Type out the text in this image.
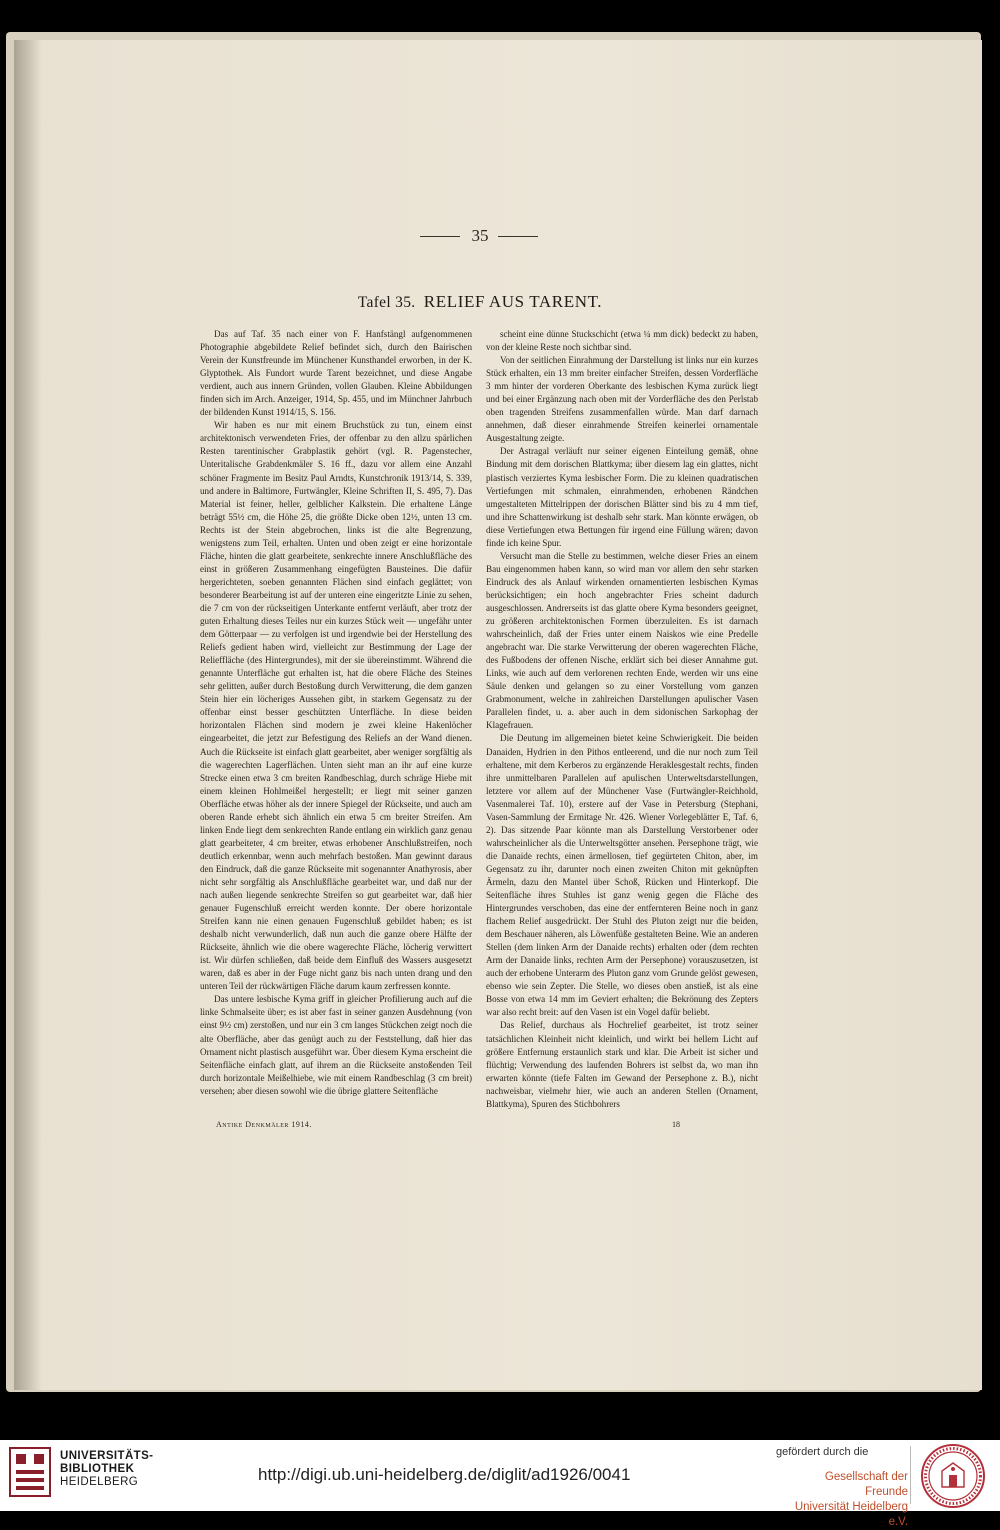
35
Tafel 35. RELIEF AUS TARENT.

Das auf Taf. 35 nach einer von F. Hanfstängl aufgenommenen Photographie abgebildete Relief befindet sich, durch den Bairischen Verein der Kunstfreunde im Münchener Kunsthandel erworben, in der K. Glyptothek. Als Fundort wurde Tarent bezeichnet, und diese Angabe verdient, auch aus innern Gründen, vollen Glauben. Kleine Abbildungen finden sich im Arch. Anzeiger, 1914, Sp. 455, und im Münchner Jahrbuch der bildenden Kunst 1914/15, S. 156.

Wir haben es nur mit einem Bruchstück zu tun, einem einst architektonisch verwendeten Fries, der offenbar zu den allzu spärlichen Resten tarentinischer Grabplastik gehört (vgl. R. Pagenstecher, Unteritalische Grabdenkmäler S. 16 ff., dazu vor allem eine Anzahl schöner Fragmente im Besitz Paul Arndts, Kunstchronik 1913/14, S. 339, und andere in Baltimore, Furtwängler, Kleine Schriften II, S. 495, 7). Das Material ist feiner, heller, gelblicher Kalkstein. Die erhaltene Länge beträgt 55½ cm, die Höhe 25, die größte Dicke oben 12½, unten 13 cm. Rechts ist der Stein abgebrochen, links ist die alte Begrenzung, wenigstens zum Teil, erhalten. Unten und oben zeigt er eine horizontale Fläche, hinten die glatt gearbeitete, senkrechte innere Anschlußfläche des einst in größeren Zusammenhang eingefügten Bausteines. Die dafür hergerichteten, soeben genannten Flächen sind einfach geglättet; von besonderer Bearbeitung ist auf der unteren eine eingeritzte Linie zu sehen, die 7 cm von der rückseitigen Unterkante entfernt verläuft, aber trotz der guten Erhaltung dieses Teiles nur ein kurzes Stück weit — ungefähr unter dem Götterpaar — zu verfolgen ist und irgendwie bei der Herstellung des Reliefs gedient haben wird, vielleicht zur Bestimmung der Lage der Relieffläche (des Hintergrundes), mit der sie übereinstimmt. Während die genannte Unterfläche gut erhalten ist, hat die obere Fläche des Steines sehr gelitten, außer durch Bestoßung durch Verwitterung, die dem ganzen Stein hier ein löcheriges Aussehen gibt, in starkem Gegensatz zu der offenbar einst besser geschützten Unterfläche. In diese beiden horizontalen Flächen sind modern je zwei kleine Hakenlöcher eingearbeitet, die jetzt zur Befestigung des Reliefs an der Wand dienen. Auch die Rückseite ist einfach glatt gearbeitet, aber weniger sorgfältig als die wagerechten Lagerflächen. Unten sieht man an ihr auf eine kurze Strecke einen etwa 3 cm breiten Randbeschlag, durch schräge Hiebe mit einem kleinen Hohlmeißel hergestellt; er liegt mit seiner ganzen Oberfläche etwas höher als der innere Spiegel der Rückseite, und auch am oberen Rande erhebt sich ähnlich ein etwa 5 cm breiter Streifen. Am linken Ende liegt dem senkrechten Rande entlang ein wirklich ganz genau glatt gearbeiteter, 4 cm breiter, etwas erhobener Anschlußstreifen, noch deutlich erkennbar, wenn auch mehrfach bestoßen. Man gewinnt daraus den Eindruck, daß die ganze Rückseite mit sogenannter Anathyrosis, aber nicht sehr sorgfältig als Anschlußfläche gearbeitet war, und daß nur der nach außen liegende senkrechte Streifen so gut gearbeitet war, daß hier genauer Fugenschluß erreicht werden konnte. Der obere horizontale Streifen kann nie einen genauen Fugenschluß gebildet haben; es ist deshalb nicht verwunderlich, daß nun auch die ganze obere Hälfte der Rückseite, ähnlich wie die obere wagerechte Fläche, löcherig verwittert ist. Wir dürfen schließen, daß beide dem Einfluß des Wassers ausgesetzt waren, daß es aber in der Fuge nicht ganz bis nach unten drang und den unteren Teil der rückwärtigen Fläche darum kaum zerfressen konnte.

Das untere lesbische Kyma griff in gleicher Profilierung auch auf die linke Schmalseite über; es ist aber fast in seiner ganzen Ausdehnung (von einst 9½ cm) zerstoßen, und nur ein 3 cm langes Stückchen zeigt noch die alte Oberfläche, aber das genügt auch zu der Feststellung, daß hier das Ornament nicht plastisch ausgeführt war. Über diesem Kyma erscheint die Seitenfläche einfach glatt, auf ihrem an die Rückseite anstoßenden Teil durch horizontale Meißelhiebe, wie mit einem Randbeschlag (3 cm breit) versehen; aber diesen sowohl wie die übrige glattere Seitenfläche

scheint eine dünne Stuckschicht (etwa ¼ mm dick) bedeckt zu haben, von der kleine Reste noch sichtbar sind.

Von der seitlichen Einrahmung der Darstellung ist links nur ein kurzes Stück erhalten, ein 13 mm breiter einfacher Streifen, dessen Vorderfläche 3 mm hinter der vorderen Oberkante des lesbischen Kyma zurück liegt und bei einer Ergänzung nach oben mit der Vorderfläche des den Perlstab oben tragenden Streifens zusammenfallen würde. Man darf darnach annehmen, daß dieser einrahmende Streifen keinerlei ornamentale Ausgestaltung zeigte.

Der Astragal verläuft nur seiner eigenen Einteilung gemäß, ohne Bindung mit dem dorischen Blattkyma; über diesem lag ein glattes, nicht plastisch verziertes Kyma lesbischer Form. Die zu kleinen quadratischen Vertiefungen mit schmalen, einrahmenden, erhobenen Rändchen umgestalteten Mittelrippen der dorischen Blätter sind bis zu 4 mm tief, und ihre Schattenwirkung ist deshalb sehr stark. Man könnte erwägen, ob diese Vertiefungen etwa Bettungen für irgend eine Füllung wären; davon finde ich keine Spur.

Versucht man die Stelle zu bestimmen, welche dieser Fries an einem Bau eingenommen haben kann, so wird man vor allem den sehr starken Eindruck des als Anlauf wirkenden ornamentierten lesbischen Kymas berücksichtigen; ein hoch angebrachter Fries scheint dadurch ausgeschlossen. Andrerseits ist das glatte obere Kyma besonders geeignet, zu größeren architektonischen Formen überzuleiten. Es ist darnach wahrscheinlich, daß der Fries unter einem Naiskos wie eine Predelle angebracht war. Die starke Verwitterung der oberen wagerechten Fläche, des Fußbodens der offenen Nische, erklärt sich bei dieser Annahme gut. Links, wie auch auf dem verlorenen rechten Ende, werden wir uns eine Säule denken und gelangen so zu einer Vorstellung vom ganzen Grabmonument, welche in zahlreichen Darstellungen apulischer Vasen Parallelen findet, u. a. aber auch in dem sidonischen Sarkophag der Klagefrauen.

Die Deutung im allgemeinen bietet keine Schwierigkeit. Die beiden Danaiden, Hydrien in den Pithos entleerend, und die nur noch zum Teil erhaltene, mit dem Kerberos zu ergänzende Heraklesgestalt rechts, finden ihre unmittelbaren Parallelen auf apulischen Unterweltsdarstellungen, letztere vor allem auf der Münchener Vase (Furtwängler-Reichhold, Vasenmalerei Taf. 10), erstere auf der Vase in Petersburg (Stephani, Vasen-Sammlung der Ermitage Nr. 426. Wiener Vorlegeblätter E, Taf. 6, 2). Das sitzende Paar könnte man als Darstellung Verstorbener oder wahrscheinlicher als die Unterweltsgötter ansehen. Persephone trägt, wie die Danaide rechts, einen ärmellosen, tief gegürteten Chiton, aber, im Gegensatz zu ihr, darunter noch einen zweiten Chiton mit geknüpften Ärmeln, dazu den Mantel über Schoß, Rücken und Hinterkopf. Die Seitenfläche ihres Stuhles ist ganz wenig gegen die Fläche des Hintergrundes verschoben, das eine der entfernteren Beine noch in ganz flachem Relief ausgedrückt. Der Stuhl des Pluton zeigt nur die beiden, dem Beschauer näheren, als Löwenfüße gestalteten Beine. Wie an anderen Stellen (dem linken Arm der Danaide rechts) erhalten oder (dem rechten Arm der Danaide links, rechten Arm der Persephone) vorauszusetzen, ist auch der erhobene Unterarm des Pluton ganz vom Grunde gelöst gewesen, ebenso wie sein Zepter. Die Stelle, wo dieses oben anstieß, ist als eine Bosse von etwa 14 mm im Geviert erhalten; die Bekrönung des Zepters war also recht breit: auf den Vasen ist ein Vogel dafür beliebt.

Das Relief, durchaus als Hochrelief gearbeitet, ist trotz seiner tatsächlichen Kleinheit nicht kleinlich, und wirkt bei hellem Licht auf größere Entfernung erstaunlich stark und klar. Die Arbeit ist sicher und flüchtig; Verwendung des laufenden Bohrers ist selbst da, wo man ihn erwarten könnte (tiefe Falten im Gewand der Persephone z. B.), nicht nachweisbar, vielmehr hier, wie auch an anderen Stellen (Ornament, Blattkyma), Spuren des Stichbohrers

Antike Denkmäler 1914.	18
UNIVERSITÄTS-
BIBLIOTHEK
HEIDELBERG	http://digi.ub.uni-heidelberg.de/diglit/ad1926/0041
gefördert durch die
Gesellschaft der Freunde
Universität Heidelberg e.V.
